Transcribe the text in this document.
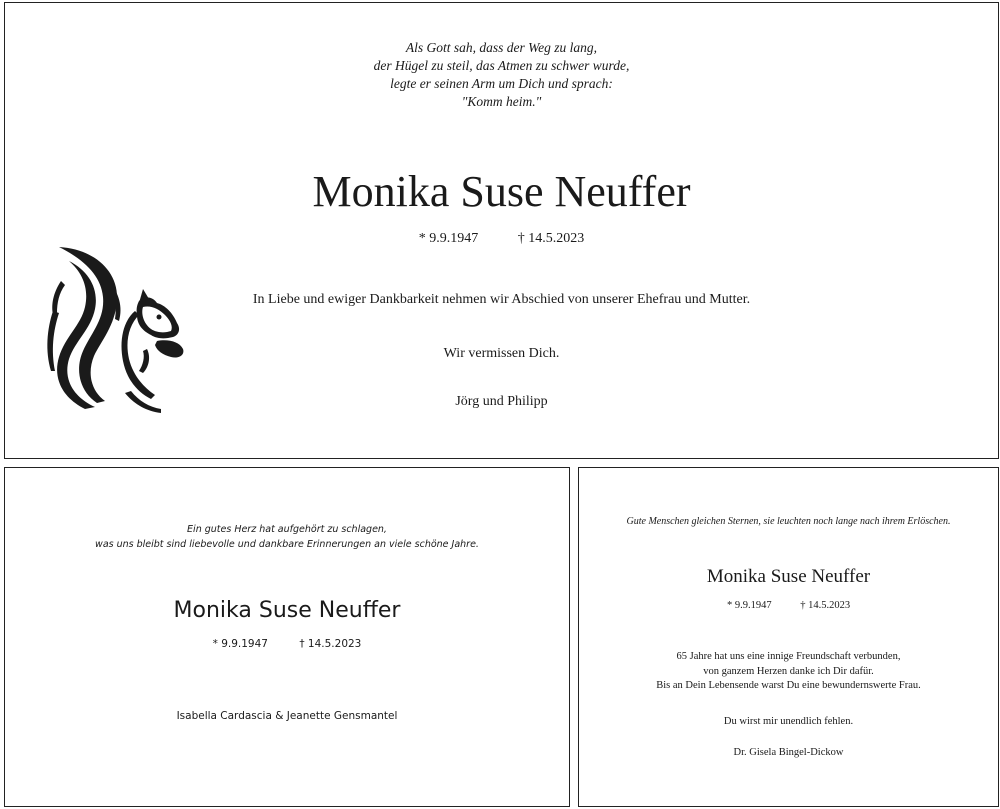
Als Gott sah, dass der Weg zu lang,
der Hügel zu steil, das Atmen zu schwer wurde,
legte er seinen Arm um Dich und sprach:
"Komm heim."
Monika Suse Neuffer
* 9.9.1947	† 14.5.2023
In Liebe und ewiger Dankbarkeit nehmen wir Abschied von unserer Ehefrau und Mutter.
Wir vermissen Dich.
Jörg und Philipp
Ein gutes Herz hat aufgehört zu schlagen,
was uns bleibt sind liebevolle und dankbare Erinnerungen an viele schöne Jahre.
Monika Suse Neuffer
* 9.9.1947	† 14.5.2023
Isabella Cardascia & Jeanette Gensmantel
Gute Menschen gleichen Sternen, sie leuchten noch lange nach ihrem Erlöschen.
Monika Suse Neuffer
* 9.9.1947	† 14.5.2023
65 Jahre hat uns eine innige Freundschaft verbunden,
von ganzem Herzen danke ich Dir dafür.
Bis an Dein Lebensende warst Du eine bewundernswerte Frau.
Du wirst mir unendlich fehlen.
Dr. Gisela Bingel-Dickow
